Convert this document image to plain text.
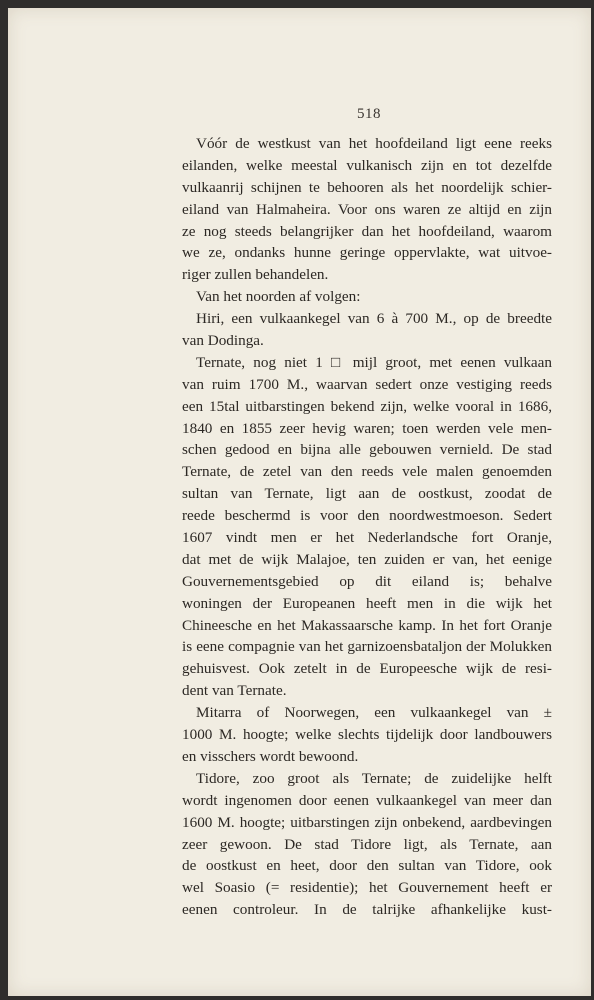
518
Vóór de westkust van het hoofdeiland ligt eene reeks
eilanden, welke meestal vulkanisch zijn en tot dezelfde
vulkaanrij schijnen te behooren als het noordelijk schier-
eiland van Halmaheira. Voor ons waren ze altijd en zijn
ze nog steeds belangrijker dan het hoofdeiland, waarom
we ze, ondanks hunne geringe oppervlakte, wat uitvoe-
riger zullen behandelen.
Van het noorden af volgen:
Hiri, een vulkaankegel van 6 à 700 M., op de breedte
van Dodinga.
Ternate, nog niet 1 □ mijl groot, met eenen vulkaan
van ruim 1700 M., waarvan sedert onze vestiging reeds
een 15tal uitbarstingen bekend zijn, welke vooral in 1686,
1840 en 1855 zeer hevig waren; toen werden vele men-
schen gedood en bijna alle gebouwen vernield. De stad
Ternate, de zetel van den reeds vele malen genoemden
sultan van Ternate, ligt aan de oostkust, zoodat de
reede beschermd is voor den noordwestmoeson. Sedert
1607 vindt men er het Nederlandsche fort Oranje,
dat met de wijk Malajoe, ten zuiden er van, het eenige
Gouvernementsgebied op dit eiland is; behalve
woningen der Europeanen heeft men in die wijk het
Chineesche en het Makassaarsche kamp. In het fort Oranje
is eene compagnie van het garnizoensbataljon der Molukken
gehuisvest. Ook zetelt in de Europeesche wijk de resi-
dent van Ternate.
Mitarra of Noorwegen, een vulkaankegel van ±
1000 M. hoogte; welke slechts tijdelijk door landbouwers
en visschers wordt bewoond.
Tidore, zoo groot als Ternate; de zuidelijke helft
wordt ingenomen door eenen vulkaankegel van meer dan
1600 M. hoogte; uitbarstingen zijn onbekend, aardbevingen
zeer gewoon. De stad Tidore ligt, als Ternate, aan
de oostkust en heet, door den sultan van Tidore, ook
wel Soasio (= residentie); het Gouvernement heeft er
eenen controleur. In de talrijke afhankelijke kust-
